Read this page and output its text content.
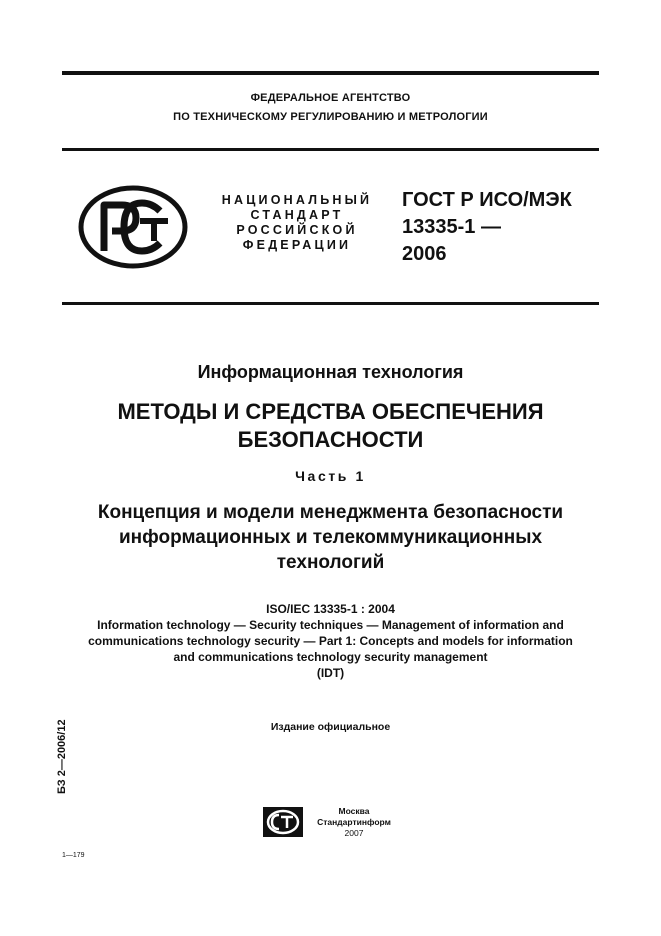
ФЕДЕРАЛЬНОЕ АГЕНТСТВО
ПО ТЕХНИЧЕСКОМУ РЕГУЛИРОВАНИЮ И МЕТРОЛОГИИ
НАЦИОНАЛЬНЫЙ
СТАНДАРТ
РОССИЙСКОЙ
ФЕДЕРАЦИИ
ГОСТ Р ИСО/МЭК
13335-1 —
2006
Информационная технология
МЕТОДЫ И СРЕДСТВА ОБЕСПЕЧЕНИЯ
БЕЗОПАСНОСТИ
Часть 1
Концепция и модели менеджмента безопасности
информационных и телекоммуникационных
технологий
ISO/IEC 13335-1 : 2004
Information technology — Security techniques — Management of information and
communications technology security — Part 1: Concepts and models for information
and communications technology security management
(IDT)
Издание официальное
БЗ 2—2006/12
Москва
Стандартинформ
2007
1—179
